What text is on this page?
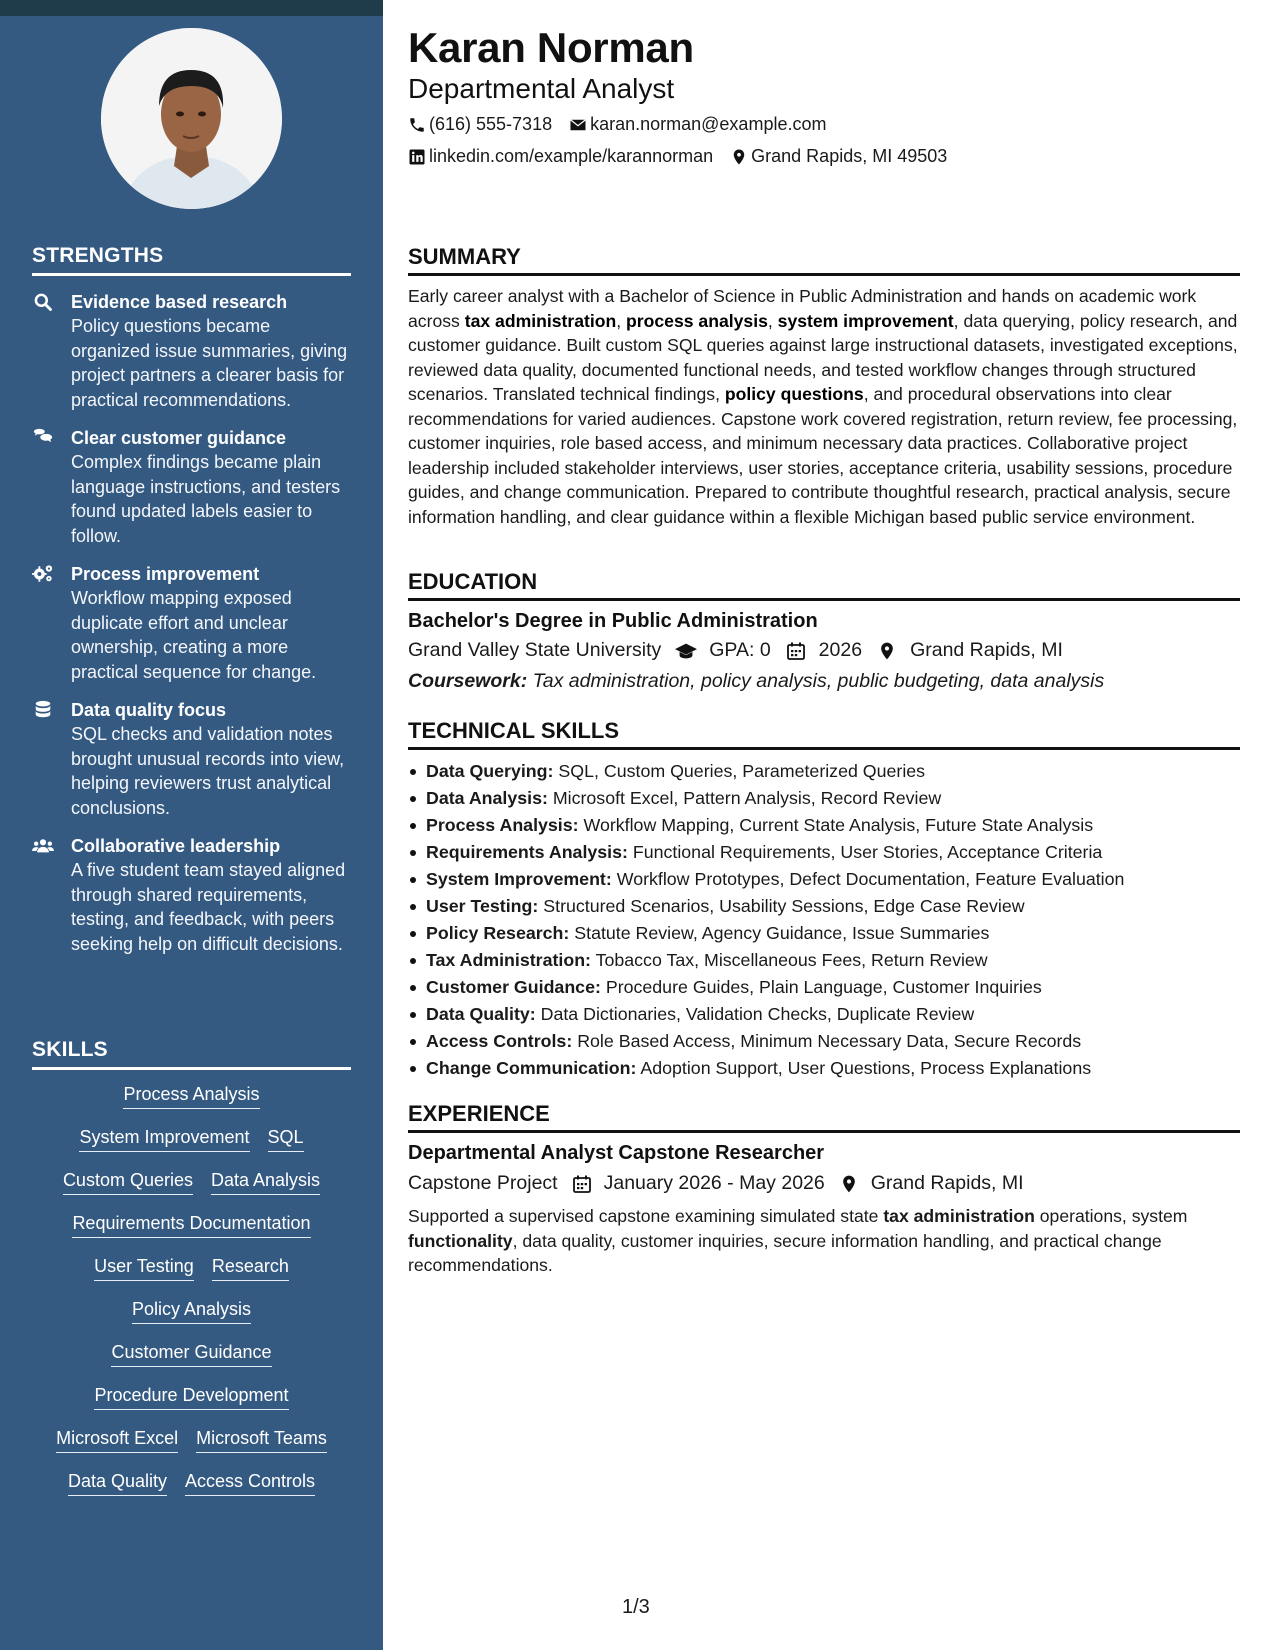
STRENGTHS
Evidence based research
Policy questions became organized issue summaries, giving project partners a clearer basis for practical recommendations.
Clear customer guidance
Complex findings became plain language instructions, and testers found updated labels easier to follow.
Process improvement
Workflow mapping exposed duplicate effort and unclear ownership, creating a more practical sequence for change.
Data quality focus
SQL checks and validation notes brought unusual records into view, helping reviewers trust analytical conclusions.
Collaborative leadership
A five student team stayed aligned through shared requirements, testing, and feedback, with peers seeking help on difficult decisions.
SKILLS
Process Analysis
System Improvement SQL
Custom Queries Data Analysis
Requirements Documentation
User Testing Research
Policy Analysis
Customer Guidance
Procedure Development
Microsoft Excel Microsoft Teams
Data Quality Access Controls
Karan Norman
Departmental Analyst
(616) 555-7318 karan.norman@example.com
linkedin.com/example/karannorman Grand Rapids, MI 49503
SUMMARY

Early career analyst with a Bachelor of Science in Public Administration and hands on academic work across tax administration, process analysis, system improvement, data querying, policy research, and customer guidance. Built custom SQL queries against large instructional datasets, investigated exceptions, reviewed data quality, documented functional needs, and tested workflow changes through structured scenarios. Translated technical findings, policy questions, and procedural observations into clear recommendations for varied audiences. Capstone work covered registration, return review, fee processing, customer inquiries, role based access, and minimum necessary data practices. Collaborative project leadership included stakeholder interviews, user stories, acceptance criteria, usability sessions, procedure guides, and change communication. Prepared to contribute thoughtful research, practical analysis, secure information handling, and clear guidance within a flexible Michigan based public service environment.

EDUCATION
Bachelor's Degree in Public Administration
Grand Valley State University GPA: 0 2026 Grand Rapids, MI
Coursework: Tax administration, policy analysis, public budgeting, data analysis
TECHNICAL SKILLS
Data Querying: SQL, Custom Queries, Parameterized Queries
Data Analysis: Microsoft Excel, Pattern Analysis, Record Review
Process Analysis: Workflow Mapping, Current State Analysis, Future State Analysis
Requirements Analysis: Functional Requirements, User Stories, Acceptance Criteria
System Improvement: Workflow Prototypes, Defect Documentation, Feature Evaluation
User Testing: Structured Scenarios, Usability Sessions, Edge Case Review
Policy Research: Statute Review, Agency Guidance, Issue Summaries
Tax Administration: Tobacco Tax, Miscellaneous Fees, Return Review
Customer Guidance: Procedure Guides, Plain Language, Customer Inquiries
Data Quality: Data Dictionaries, Validation Checks, Duplicate Review
Access Controls: Role Based Access, Minimum Necessary Data, Secure Records
Change Communication: Adoption Support, User Questions, Process Explanations
EXPERIENCE
Departmental Analyst Capstone Researcher
Capstone Project January 2026 - May 2026 Grand Rapids, MI

Supported a supervised capstone examining simulated state tax administration operations, system functionality, data quality, customer inquiries, secure information handling, and practical change recommendations.

1/3
